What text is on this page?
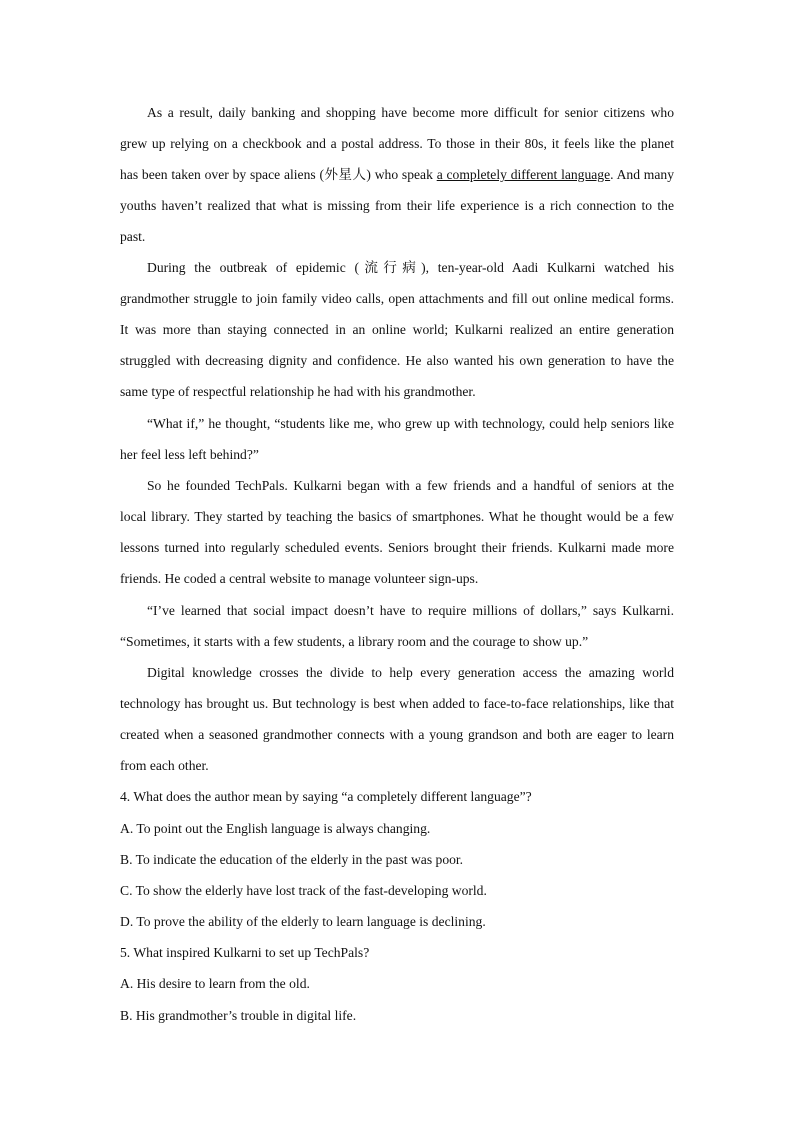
As a result, daily banking and shopping have become more difficult for senior citizens who
grew up relying on a checkbook and a postal address. To those in their 80s, it feels like the planet
has been taken over by space aliens (外星人) who speak a completely different language. And many
youths haven’t realized that what is missing from their life experience is a rich connection to the
past.
During the outbreak of epidemic (流行病), ten-year-old Aadi Kulkarni watched his
grandmother struggle to join family video calls, open attachments and fill out online medical forms.
It was more than staying connected in an online world; Kulkarni realized an entire generation
struggled with decreasing dignity and confidence. He also wanted his own generation to have the
same type of respectful relationship he had with his grandmother.
“What if,” he thought, “students like me, who grew up with technology, could help seniors like
her feel less left behind?”
So he founded TechPals. Kulkarni began with a few friends and a handful of seniors at the
local library. They started by teaching the basics of smartphones. What he thought would be a few
lessons turned into regularly scheduled events. Seniors brought their friends. Kulkarni made more
friends. He coded a central website to manage volunteer sign-ups.
“I’ve learned that social impact doesn’t have to require millions of dollars,” says Kulkarni.
“Sometimes, it starts with a few students, a library room and the courage to show up.”
Digital knowledge crosses the divide to help every generation access the amazing world
technology has brought us. But technology is best when added to face-to-face relationships, like that
created when a seasoned grandmother connects with a young grandson and both are eager to learn
from each other.
4. What does the author mean by saying “a completely different language”?
A. To point out the English language is always changing.
B. To indicate the education of the elderly in the past was poor.
C. To show the elderly have lost track of the fast-developing world.
D. To prove the ability of the elderly to learn language is declining.
5. What inspired Kulkarni to set up TechPals?
A. His desire to learn from the old.
B. His grandmother’s trouble in digital life.
